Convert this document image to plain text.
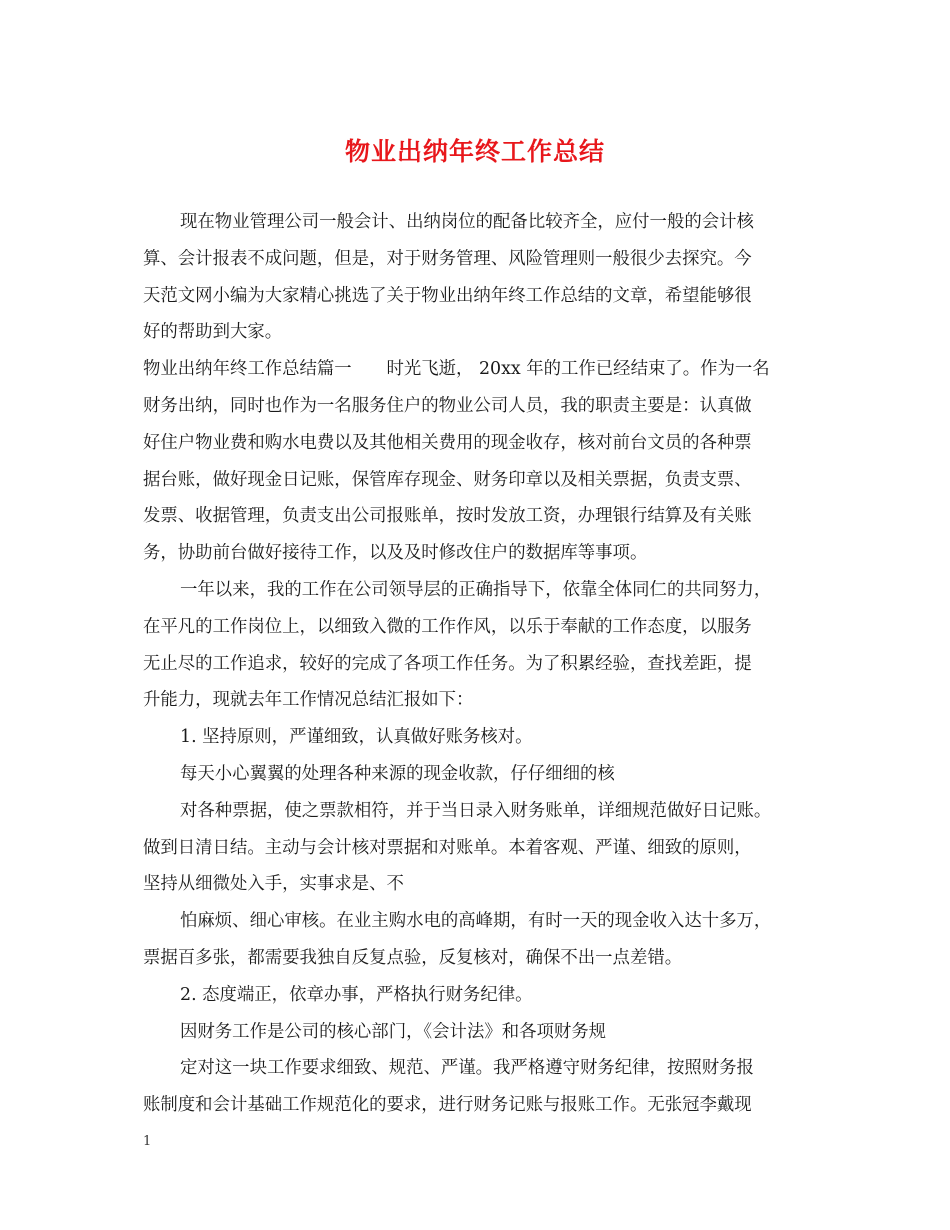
物业出纳年终工作总结
现在物业管理公司一般会计、出纳岗位的配备比较齐全，应付一般的会计核
算、会计报表不成问题，但是，对于财务管理、风险管理则一般很少去探究。今
天范文网小编为大家精心挑选了关于物业出纳年终工作总结的文章，希望能够很
好的帮助到大家。
物业出纳年终工作总结篇一　　时光飞逝， 20xx 年的工作已经结束了。作为一名
财务出纳，同时也作为一名服务住户的物业公司人员，我的职责主要是：认真做
好住户物业费和购水电费以及其他相关费用的现金收存，核对前台文员的各种票
据台账，做好现金日记账，保管库存现金、财务印章以及相关票据，负责支票、
发票、收据管理，负责支出公司报账单，按时发放工资，办理银行结算及有关账
务，协助前台做好接待工作，以及及时修改住户的数据库等事项。
一年以来，我的工作在公司领导层的正确指导下，依靠全体同仁的共同努力，
在平凡的工作岗位上，以细致入微的工作作风，以乐于奉献的工作态度，以服务
无止尽的工作追求，较好的完成了各项工作任务。为了积累经验，查找差距，提
升能力，现就去年工作情况总结汇报如下：
1. 坚持原则，严谨细致，认真做好账务核对。
每天小心翼翼的处理各种来源的现金收款，仔仔细细的核
对各种票据，使之票款相符，并于当日录入财务账单，详细规范做好日记账。
做到日清日结。主动与会计核对票据和对账单。本着客观、严谨、细致的原则，
坚持从细微处入手，实事求是、不
怕麻烦、细心审核。在业主购水电的高峰期，有时一天的现金收入达十多万，
票据百多张，都需要我独自反复点验，反复核对，确保不出一点差错。
2. 态度端正，依章办事，严格执行财务纪律。
因财务工作是公司的核心部门，《会计法》和各项财务规
定对这一块工作要求细致、规范、严谨。我严格遵守财务纪律，按照财务报
账制度和会计基础工作规范化的要求，进行财务记账与报账工作。无张冠李戴现
1
